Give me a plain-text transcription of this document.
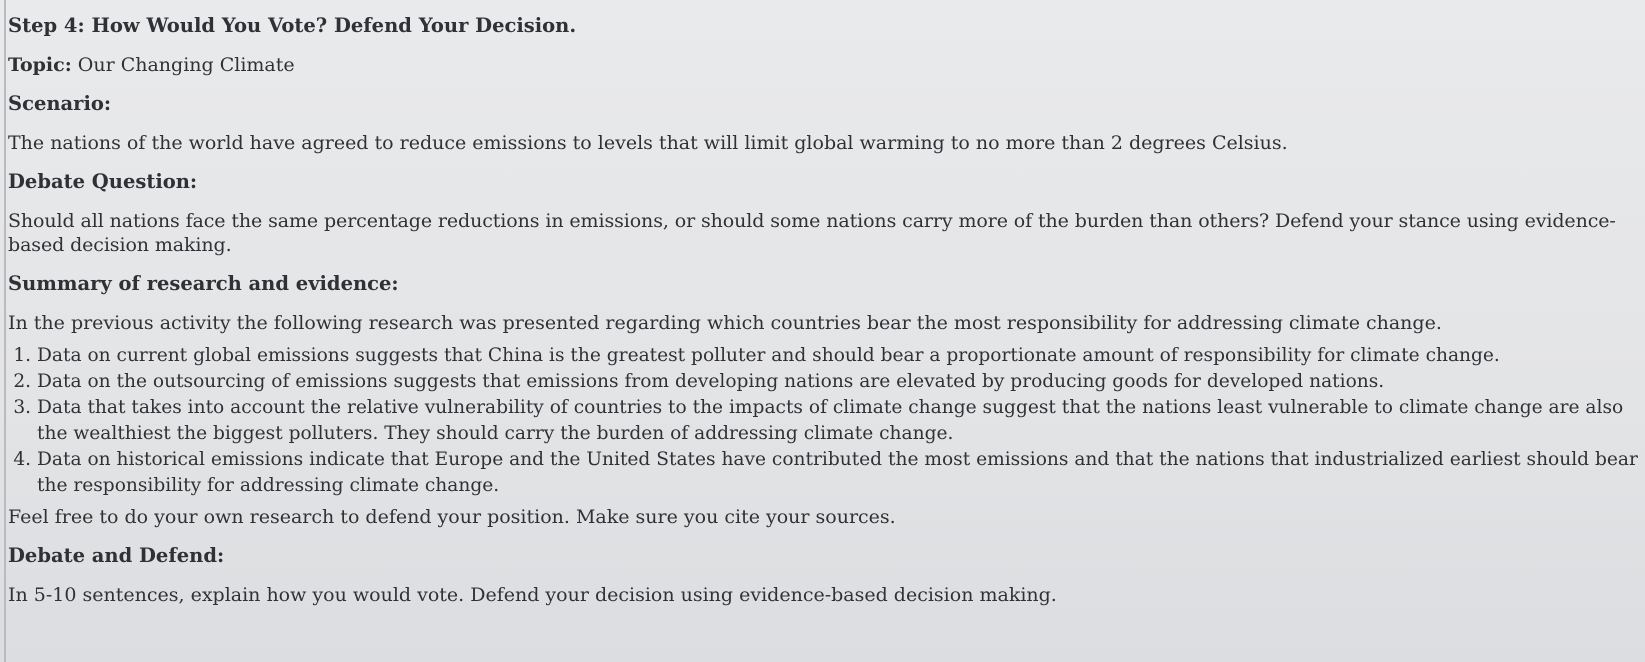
Step 4: How Would You Vote? Defend Your Decision.
Topic: Our Changing Climate
Scenario:
The nations of the world have agreed to reduce emissions to levels that will limit global warming to no more than 2 degrees Celsius.
Debate Question:
Should all nations face the same percentage reductions in emissions, or should some nations carry more of the burden than others? Defend your stance using evidence-based decision making.
Summary of research and evidence:
In the previous activity the following research was presented regarding which countries bear the most responsibility for addressing climate change.
1. Data on current global emissions suggests that China is the greatest polluter and should bear a proportionate amount of responsibility for climate change.
2. Data on the outsourcing of emissions suggests that emissions from developing nations are elevated by producing goods for developed nations.
3. Data that takes into account the relative vulnerability of countries to the impacts of climate change suggest that the nations least vulnerable to climate change are also the wealthiest the biggest polluters. They should carry the burden of addressing climate change.
4. Data on historical emissions indicate that Europe and the United States have contributed the most emissions and that the nations that industrialized earliest should bear the responsibility for addressing climate change.
Feel free to do your own research to defend your position. Make sure you cite your sources.
Debate and Defend:
In 5-10 sentences, explain how you would vote. Defend your decision using evidence-based decision making.
